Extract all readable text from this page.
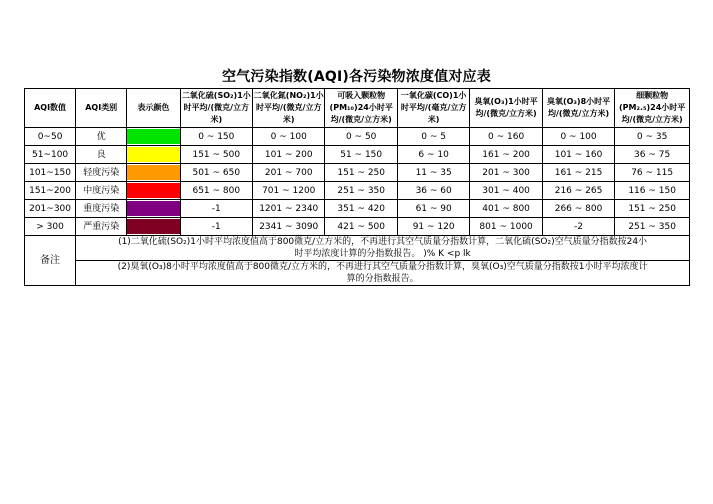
空气污染指数(AQI)各污染物浓度值对应表
AQI数值	AQI类别	表示颜色	二氧化硫(SO₂)1小时平均/(微克/立方米)	二氧化氮(NO₂)1小时平均/(微克/立方米)	可吸入颗粒物(PM₁₀)24小时平均/(微克/立方米)	一氧化碳(CO)1小时平均/(毫克/立方米)	臭氧(O₃)1小时平均/(微克/立方米)	臭氧(O₃)8小时平均/(微克/立方米)	细颗粒物(PM₂.₅)24小时平均/(微克/立方米)
0~50	优		0 ~ 150	0 ~ 100	0 ~ 50	0 ~ 5	0 ~ 160	0 ~ 100	0 ~ 35
51~100	良		151 ~ 500	101 ~ 200	51 ~ 150	6 ~ 10	161 ~ 200	101 ~ 160	36 ~ 75
101~150	轻度污染		501 ~ 650	201 ~ 700	151 ~ 250	11 ~ 35	201 ~ 300	161 ~ 215	76 ~ 115
151~200	中度污染		651 ~ 800	701 ~ 1200	251 ~ 350	36 ~ 60	301 ~ 400	216 ~ 265	116 ~ 150
201~300	重度污染		-1	1201 ~ 2340	351 ~ 420	61 ~ 90	401 ~ 800	266 ~ 800	151 ~ 250
> 300	严重污染		-1	2341 ~ 3090	421 ~ 500	91 ~ 120	801 ~ 1000	-2	251 ~ 350
备注	(1)二氧化硫(SO₂)1小时平均浓度值高于800微克/立方米的，不再进行其空气质量分指数计算，二氧化硫(SO₂)空气质量分指数按24小
时平均浓度计算的分指数报告。 )% K <p lk								

	(2)臭氧(O₃)8小时平均浓度值高于800微克/立方米的，不再进行其空气质量分指数计算，臭氧(O₃)空气质量分指数按1小时平均浓度计
算的分指数报告。								
